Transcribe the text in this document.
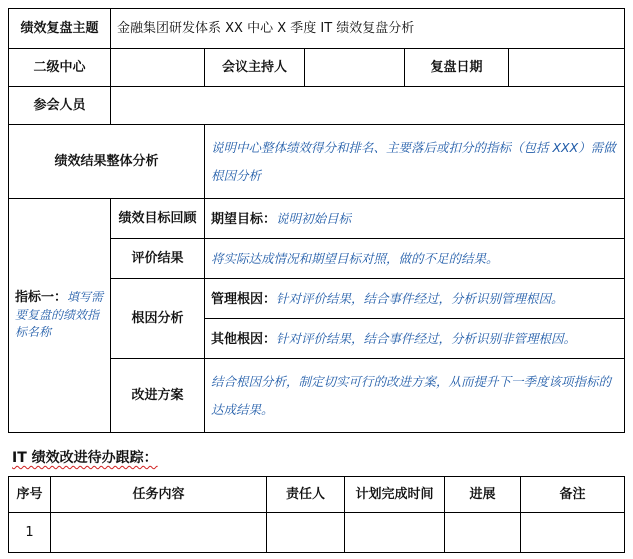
绩效复盘主题	金融集团研发体系 XX 中心 X 季度 IT 绩效复盘分析				
二级中心		会议主持人		复盘日期	
参会人员					
绩效结果整体分析		说明中心整体绩效得分和排名、主要落后或扣分的指标（包括 XXX）需做根因分析			
指标一：填写需要复盘的绩效指标名称	绩效目标回顾	期望目标：说明初始目标			
	评价结果	将实际达成情况和期望目标对照，做的不足的结果。			
	根因分析	管理根因：针对评价结果，结合事件经过，分析识别管理根因。			
		其他根因：针对评价结果，结合事件经过，分析识别非管理根因。			
	改进方案	结合根因分析，制定切实可行的改进方案，从而提升下一季度该项指标的达成结果。			
IT 绩效改进待办跟踪：
序号	任务内容	责任人	计划完成时间	进展	备注
1					
